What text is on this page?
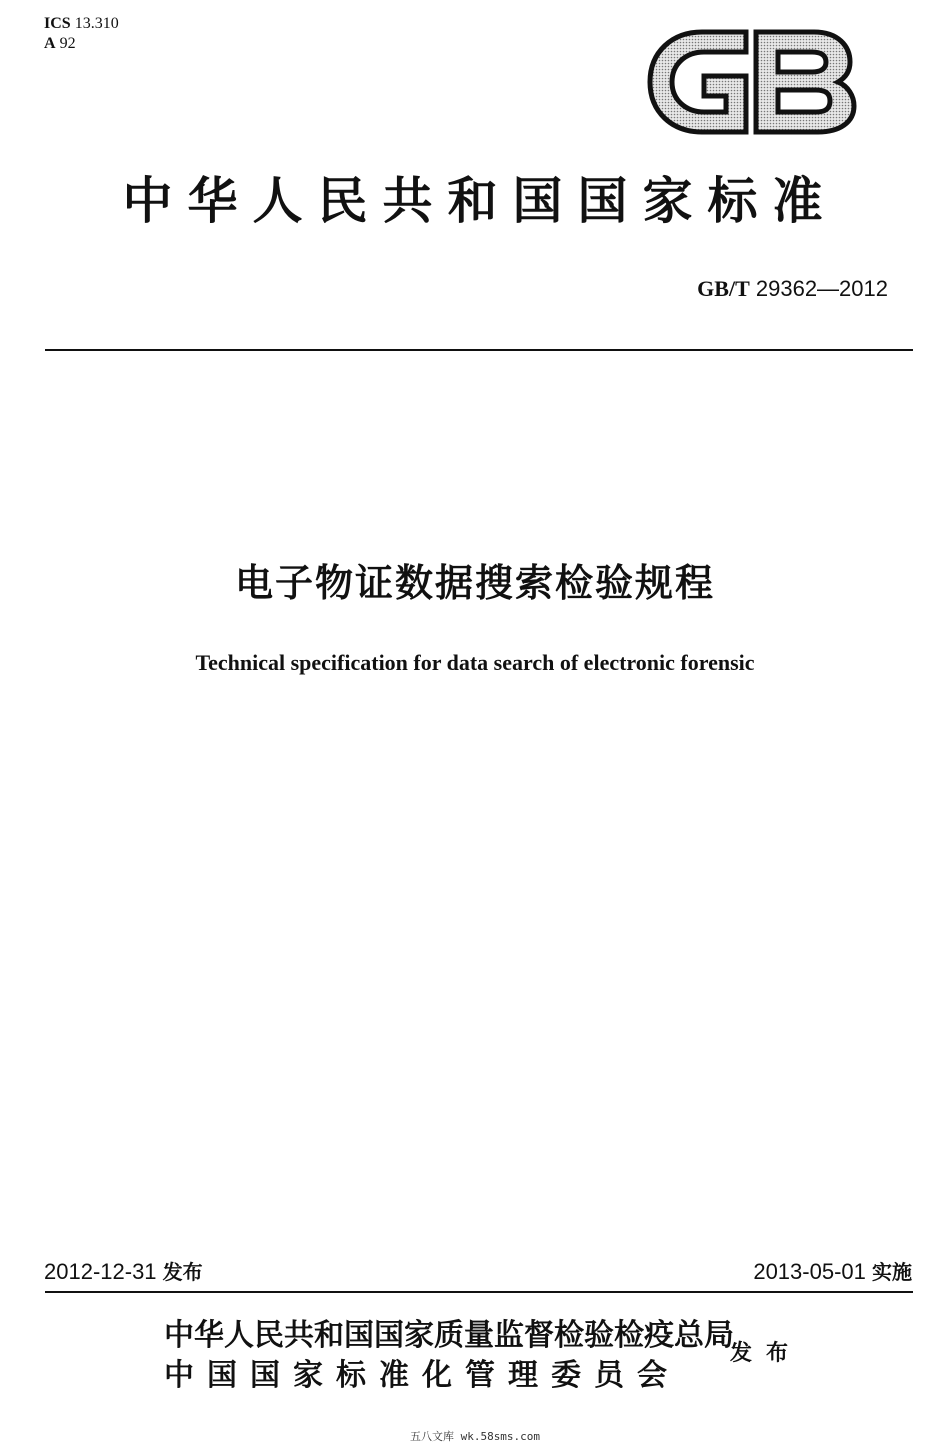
ICS 13.310
A 92
中华人民共和国国家标准
GB/T 29362—2012
电子物证数据搜索检验规程
Technical specification for data search of electronic forensic
2012-12-31 发布	2013-05-01 实施
中华人民共和国国家质量监督检验检疫总局
中国国家标准化管理委员会
发布
五八文库 wk.58sms.com
